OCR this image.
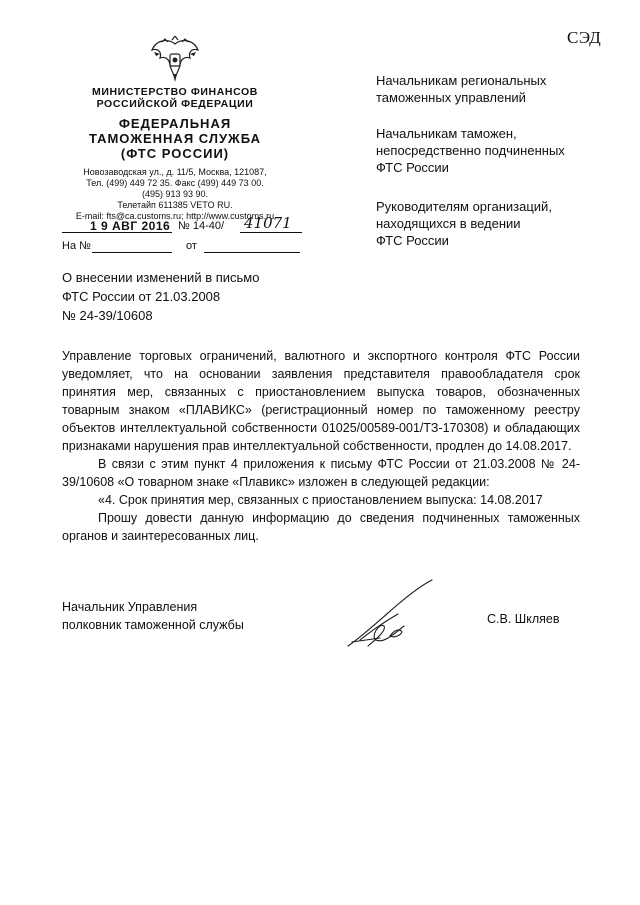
СЭД
МИНИСТЕРСТВО ФИНАНСОВ
РОССИЙСКОЙ ФЕДЕРАЦИИ
ФЕДЕРАЛЬНАЯ
ТАМОЖЕННАЯ СЛУЖБА
(ФТС РОССИИ)
Новозаводская ул., д. 11/5, Москва, 121087,
Тел. (499) 449 72 35. Факс (499) 449 73 00.
(495) 913 93 90.
Телетайп 611385 VETO RU.
E-mail: fts@ca.customs.ru; http://www.customs.ru
1 9 АВГ 2016 № 14-40/ 41071
На №	от
Начальникам региональных
таможенных управлений
Начальникам таможен,
непосредственно подчиненных
ФТС России
Руководителям организаций,
находящихся в ведении
ФТС России
О внесении изменений в письмо
ФТС России от 21.03.2008
№ 24-39/10608

Управление торговых ограничений, валютного и экспортного контроля ФТС России уведомляет, что на основании заявления представителя правообладателя срок принятия мер, связанных с приостановлением выпуска товаров, обозначенных товарным знаком «ПЛАВИКС» (регистрационный номер по таможенному реестру объектов интеллектуальной собственности 01025/00589-001/ТЗ-170308) и обладающих признаками нарушения прав интеллектуальной собственности, продлен до 14.08.2017.

В связи с этим пункт 4 приложения к письму ФТС России от 21.03.2008 № 24-39/10608 «О товарном знаке «Плавикс» изложен в следующей редакции:

«4. Срок принятия мер, связанных с приостановлением выпуска: 14.08.2017

Прошу довести данную информацию до сведения подчиненных таможенных органов и заинтересованных лиц.

Начальник Управления
полковник таможенной службы	С.В. Шкляев
